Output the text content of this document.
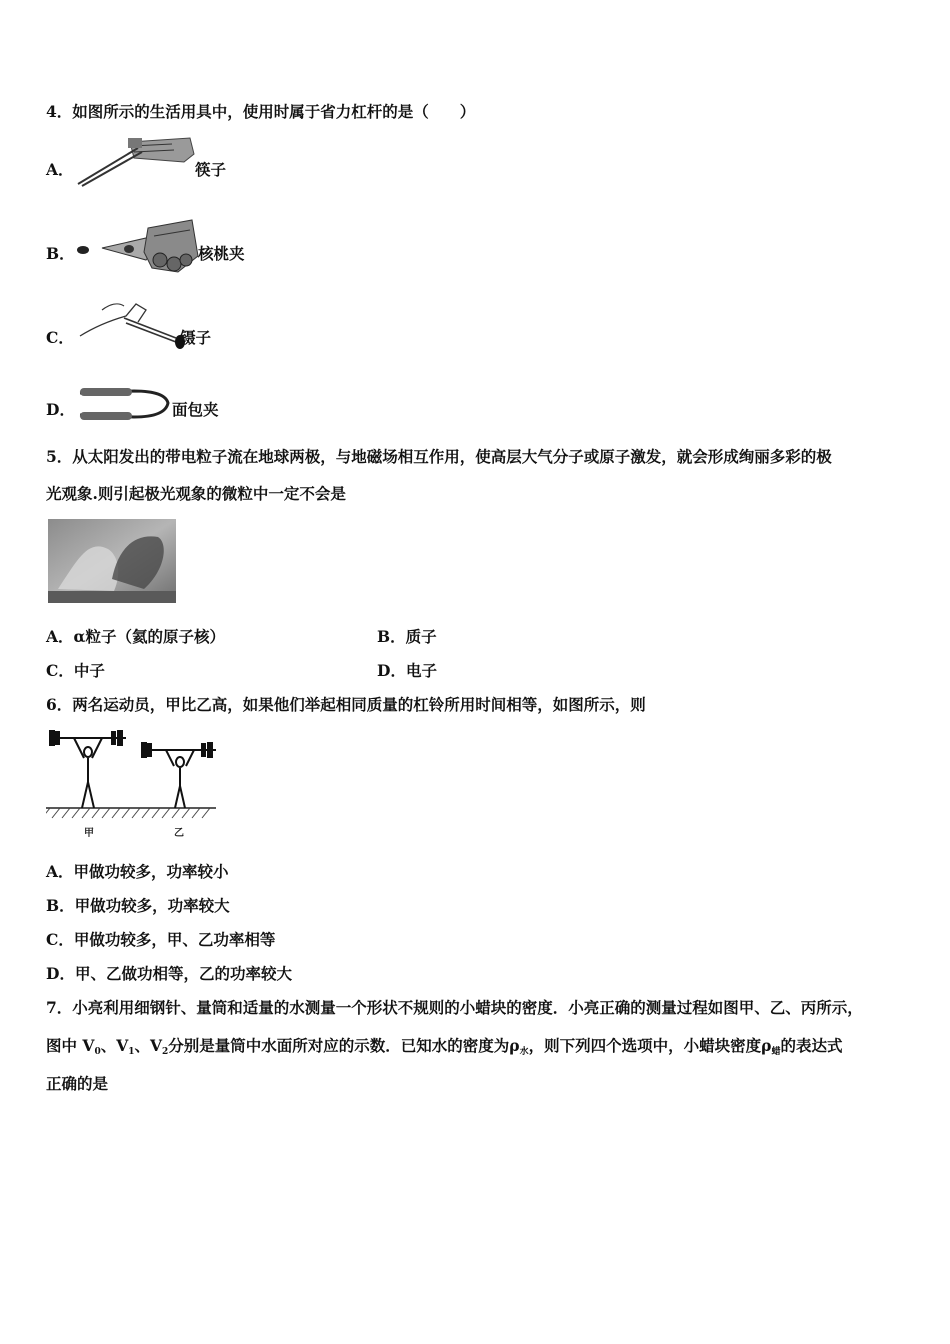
4．如图所示的生活用具中，使用时属于省力杠杆的是（　　）
A．	筷子
B．	核桃夹
C．	镊子
D．	面包夹
5．从太阳发出的带电粒子流在地球两极，与地磁场相互作用，使高层大气分子或原子激发，就会形成绚丽多彩的极
光观象.则引起极光观象的微粒中一定不会是
A．α粒子（氦的原子核）	B．质子
C．中子	D．电子
6．两名运动员，甲比乙高，如果他们举起相同质量的杠铃所用时间相等，如图所示，则
甲	乙
A．甲做功较多，功率较小
B．甲做功较多，功率较大
C．甲做功较多，甲、乙功率相等
D．甲、乙做功相等，乙的功率较大
7．小亮利用细钢针、量筒和适量的水测量一个形状不规则的小蜡块的密度．小亮正确的测量过程如图甲、乙、丙所示，
图中 $V_0$、$V_1$、$V_2$分别是量筒中水面所对应的示数．已知水的密度为$\rho_水$，则下列四个选项中，小蜡块密度$\rho_蜡$的表达式
正确的是
